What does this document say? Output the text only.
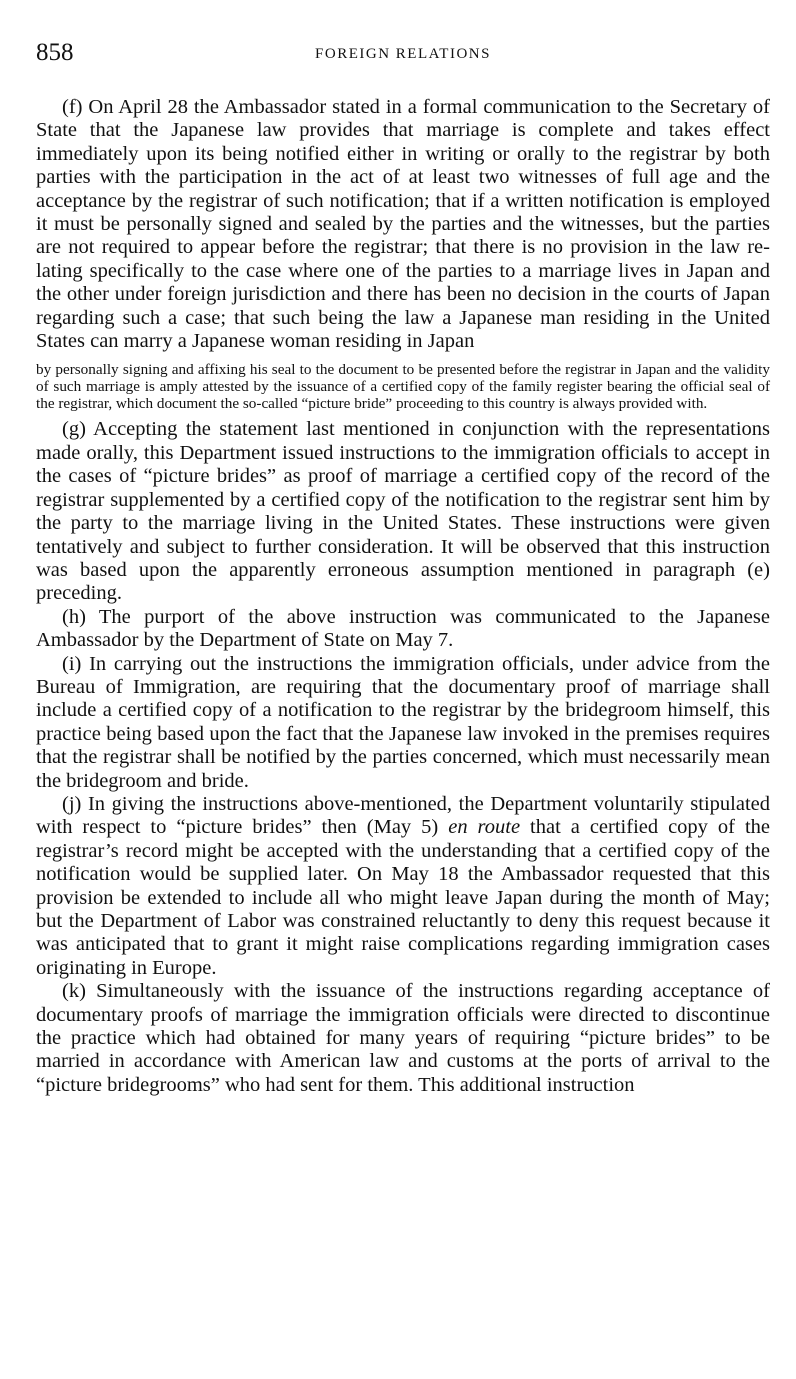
858	FOREIGN RELATIONS

(f) On April 28 the Ambassador stated in a formal communication to the Secretary of State that the Japanese law provides that marriage is complete and takes effect immediately upon its being notified either in writing or orally to the registrar by both parties with the participation in the act of at least two witnesses of full age and the acceptance by the registrar of such notification; that if a written notification is employed it must be personally signed and sealed by the parties and the witnesses, but the parties are not required to appear before the registrar; that there is no provision in the law relating specifically to the case where one of the parties to a marriage lives in Japan and the other under foreign jurisdiction and there has been no decision in the courts of Japan regarding such a case; that such being the law a Japanese man residing in the United States can marry a Japanese woman residing in Japan

by personally signing and affixing his seal to the document to be presented before the registrar in Japan and the validity of such marriage is amply attested by the issuance of a certified copy of the family register bearing the official seal of the registrar, which document the so-called “picture bride” proceeding to this country is always provided with.

(g) Accepting the statement last mentioned in conjunction with the representations made orally, this Department issued instructions to the immigration officials to accept in the cases of “picture brides” as proof of marriage a certified copy of the record of the registrar supplemented by a certified copy of the notification to the registrar sent him by the party to the marriage living in the United States. These instructions were given tentatively and subject to further consideration. It will be observed that this instruction was based upon the apparently erroneous assumption mentioned in paragraph (e) preceding.

(h) The purport of the above instruction was communicated to the Japanese Ambassador by the Department of State on May 7.

(i) In carrying out the instructions the immigration officials, under advice from the Bureau of Immigration, are requiring that the documentary proof of marriage shall include a certified copy of a notification to the registrar by the bridegroom himself, this practice being based upon the fact that the Japanese law invoked in the premises requires that the registrar shall be notified by the parties concerned, which must necessarily mean the bridegroom and bride.

(j) In giving the instructions above-mentioned, the Department voluntarily stipulated with respect to “picture brides” then (May 5) en route that a certified copy of the registrar’s record might be accepted with the understanding that a certified copy of the notification would be supplied later. On May 18 the Ambassador requested that this provision be extended to include all who might leave Japan during the month of May; but the Department of Labor was constrained reluctantly to deny this request because it was anticipated that to grant it might raise complications regarding immigration cases originating in Europe.

(k) Simultaneously with the issuance of the instructions regarding acceptance of documentary proofs of marriage the immigration officials were directed to discontinue the practice which had obtained for many years of requiring “picture brides” to be married in accordance with American law and customs at the ports of arrival to the “picture bridegrooms” who had sent for them. This additional instruction
